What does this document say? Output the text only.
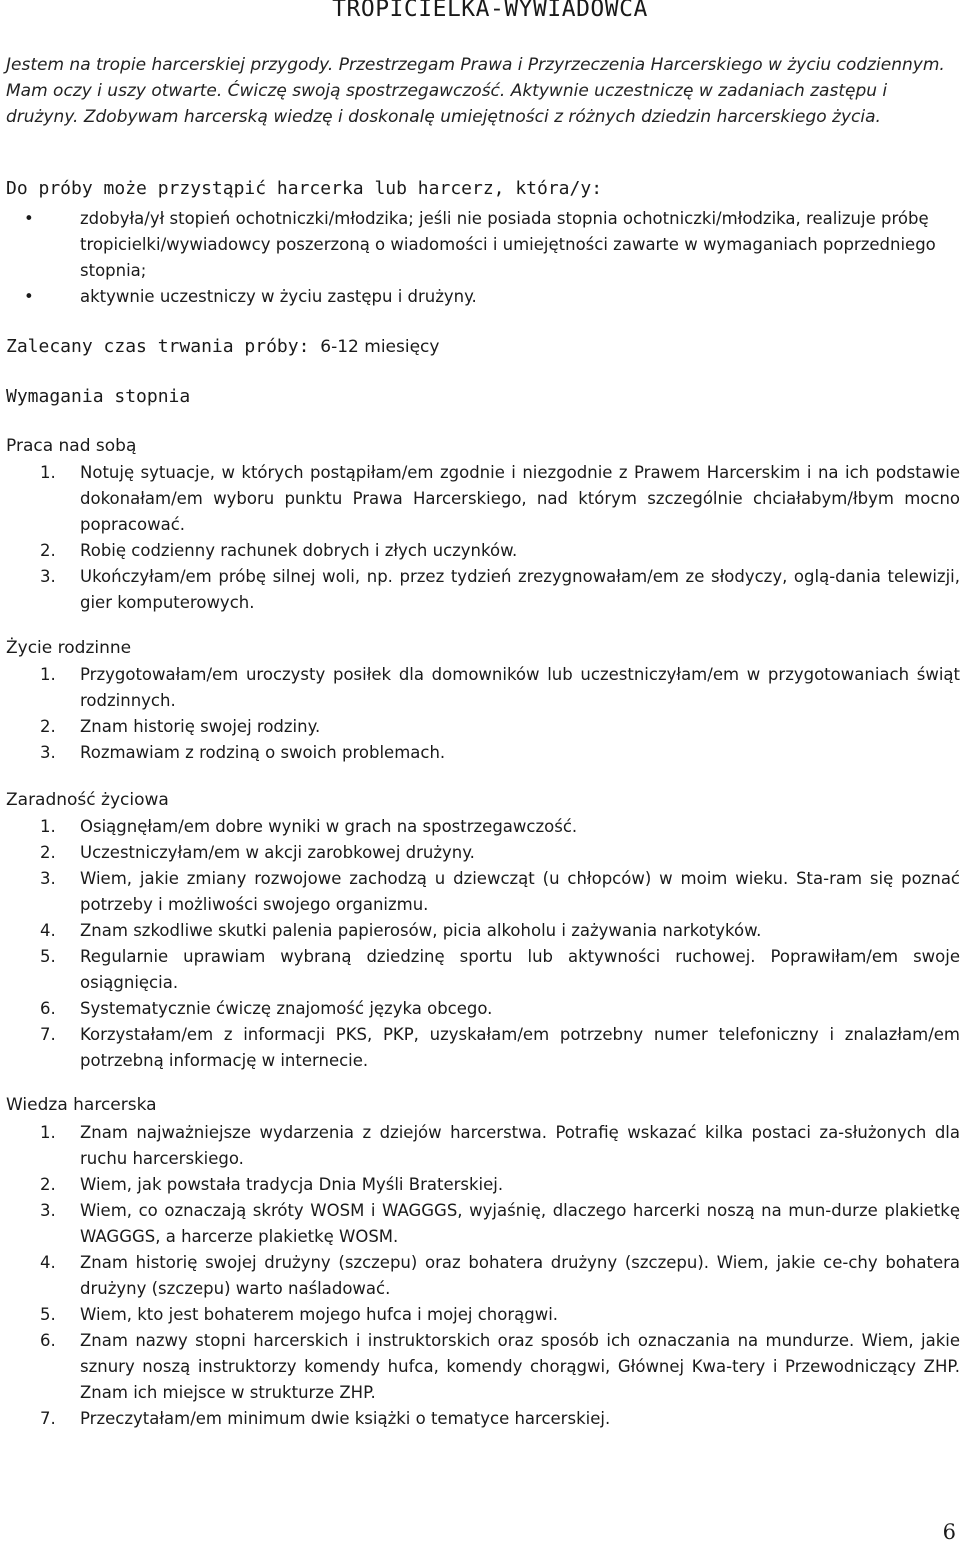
TROPICIELKA-WYWIADOWCA
Jestem na tropie harcerskiej przygody. Przestrzegam Prawa i Przyrzeczenia Harcerskiego w życiu codziennym. Mam oczy i uszy otwarte. Ćwiczę swoją spostrzegawczość. Aktywnie uczestniczę w zadaniach zastępu i drużyny. Zdobywam harcerską wiedzę i doskonalę umiejętności z różnych dziedzin harcerskiego życia.
Do próby może przystąpić harcerka lub harcerz, która/y:
•	zdobyła/ył stopień ochotniczki/młodzika; jeśli nie posiada stopnia ochotniczki/młodzika, realizuje próbę tropicielki/wywiadowcy poszerzoną o wiadomości i umiejętności zawarte w wymaganiach poprzedniego stopnia;
•	aktywnie uczestniczy w życiu zastępu i drużyny.
Zalecany czas trwania próby: 6-12 miesięcy
Wymagania stopnia
Praca nad sobą
1. Notuję sytuacje, w których postąpiłam/em zgodnie i niezgodnie z Prawem Harcerskim i na ich podstawie dokonałam/em wyboru punktu Prawa Harcerskiego, nad którym szczególnie chciałabym/łbym mocno popracować.
2. Robię codzienny rachunek dobrych i złych uczynków.
3. Ukończyłam/em próbę silnej woli, np. przez tydzień zrezygnowałam/em ze słodyczy, oglą-dania telewizji, gier komputerowych.
Życie rodzinne
1. Przygotowałam/em uroczysty posiłek dla domowników lub uczestniczyłam/em w przygotowaniach świąt rodzinnych.
2. Znam historię swojej rodziny.
3. Rozmawiam z rodziną o swoich problemach.
Zaradność życiowa
1. Osiągnęłam/em dobre wyniki w grach na spostrzegawczość.
2. Uczestniczyłam/em w akcji zarobkowej drużyny.
3. Wiem, jakie zmiany rozwojowe zachodzą u dziewcząt (u chłopców) w moim wieku. Sta-ram się poznać potrzeby i możliwości swojego organizmu.
4. Znam szkodliwe skutki palenia papierosów, picia alkoholu i zażywania narkotyków.
5. Regularnie uprawiam wybraną dziedzinę sportu lub aktywności ruchowej. Poprawiłam/em swoje osiągnięcia.
6. Systematycznie ćwiczę znajomość języka obcego.
7. Korzystałam/em z informacji PKS, PKP, uzyskałam/em potrzebny numer telefoniczny i znalazłam/em potrzebną informację w internecie.
Wiedza harcerska
1. Znam najważniejsze wydarzenia z dziejów harcerstwa. Potrafię wskazać kilka postaci za-służonych dla ruchu harcerskiego.
2. Wiem, jak powstała tradycja Dnia Myśli Braterskiej.
3. Wiem, co oznaczają skróty WOSM i WAGGGS, wyjaśnię, dlaczego harcerki noszą na mun-durze plakietkę WAGGGS, a harcerze plakietkę WOSM.
4. Znam historię swojej drużyny (szczepu) oraz bohatera drużyny (szczepu). Wiem, jakie ce-chy bohatera drużyny (szczepu) warto naśladować.
5. Wiem, kto jest bohaterem mojego hufca i mojej chorągwi.
6. Znam nazwy stopni harcerskich i instruktorskich oraz sposób ich oznaczania na mundurze. Wiem, jakie sznury noszą instruktorzy komendy hufca, komendy chorągwi, Głównej Kwa-tery i Przewodniczący ZHP. Znam ich miejsce w strukturze ZHP.
7. Przeczytałam/em minimum dwie książki o tematyce harcerskiej.
6
